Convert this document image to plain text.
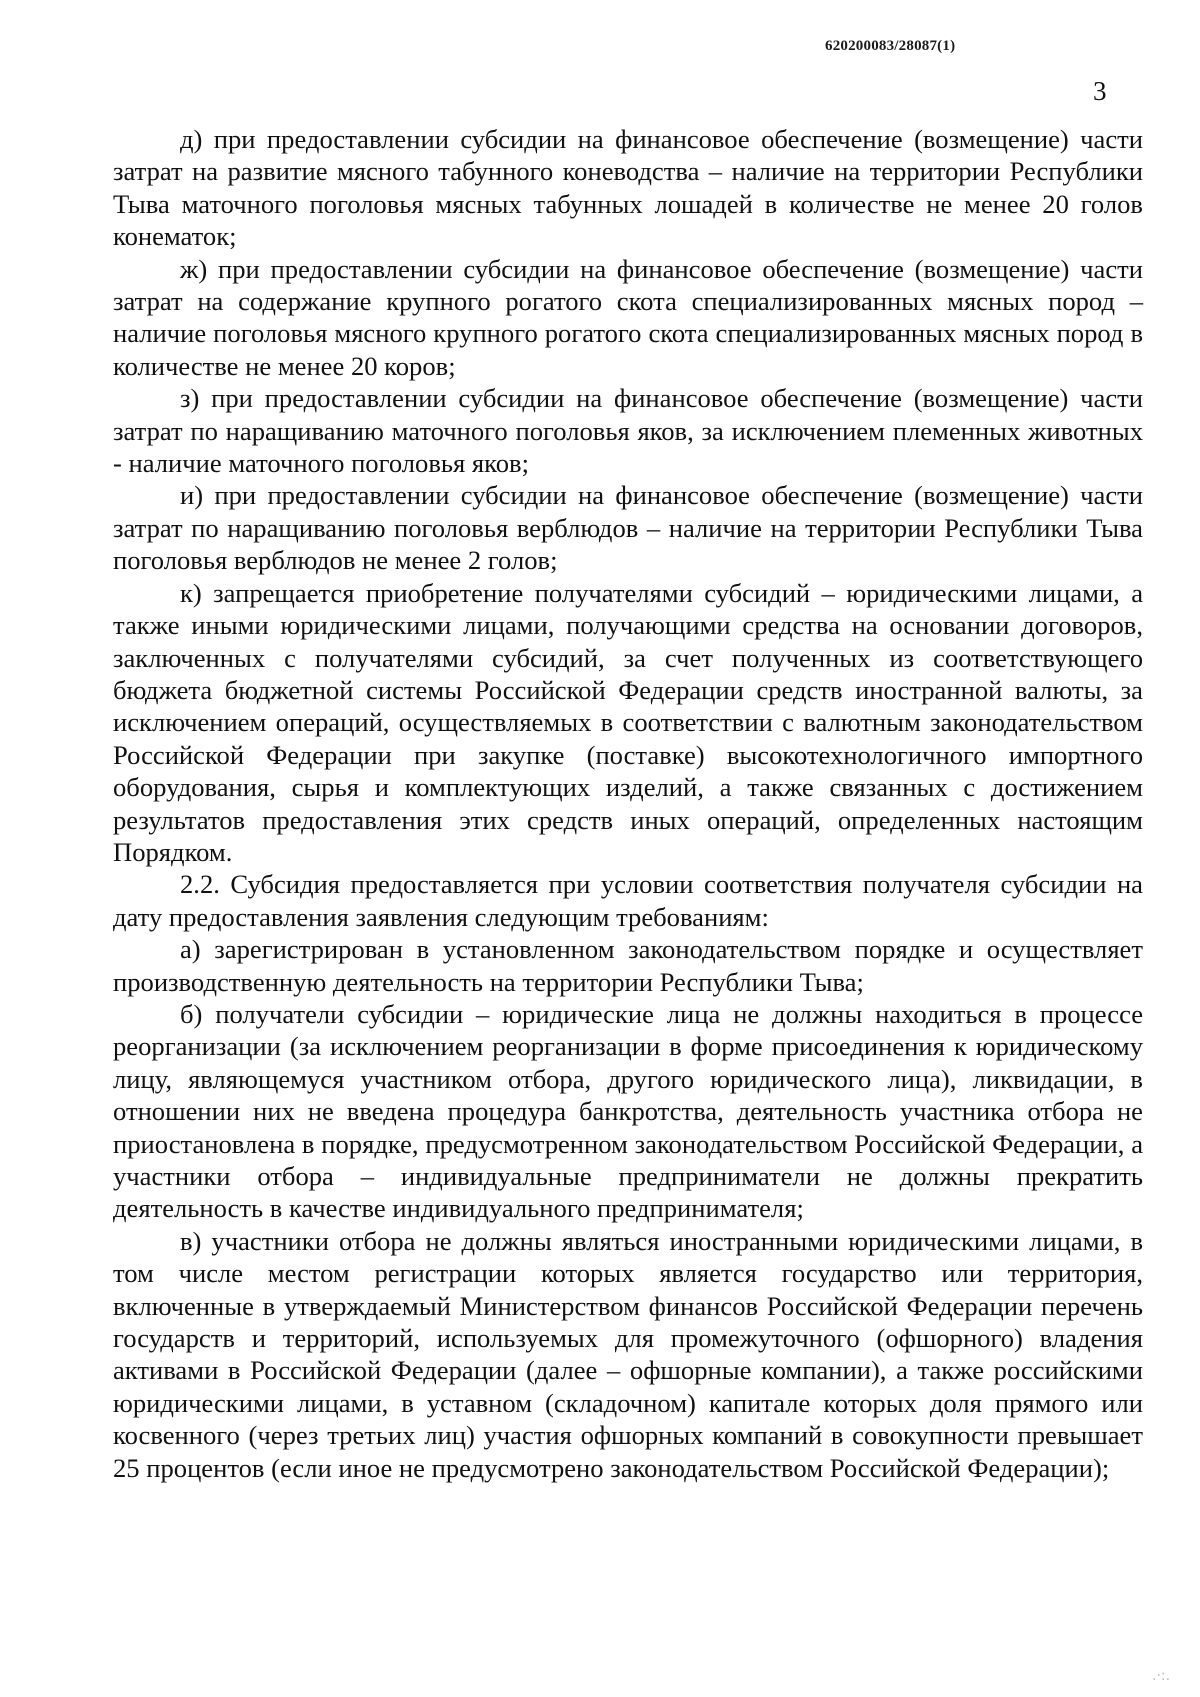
620200083/28087(1)
3

д) при предоставлении субсидии на финансовое обеспечение (возмещение) части затрат на развитие мясного табунного коневодства – наличие на территории Республики Тыва маточного поголовья мясных табунных лошадей в количестве не менее 20 голов конематок;

ж) при предоставлении субсидии на финансовое обеспечение (возмещение) части затрат на содержание крупного рогатого скота специализированных мясных пород – наличие поголовья мясного крупного рогатого скота специализированных мясных пород в количестве не менее 20 коров;

з) при предоставлении субсидии на финансовое обеспечение (возмещение) части затрат по наращиванию маточного поголовья яков, за исключением племенных животных - наличие маточного поголовья яков;

и) при предоставлении субсидии на финансовое обеспечение (возмещение) части затрат по наращиванию поголовья верблюдов – наличие на территории Республики Тыва поголовья верблюдов не менее 2 голов;

к) запрещается приобретение получателями субсидий – юридическими лицами, а также иными юридическими лицами, получающими средства на основании договоров, заключенных с получателями субсидий, за счет полученных из соответствующего бюджета бюджетной системы Российской Федерации средств иностранной валюты, за исключением операций, осуществляемых в соответствии с валютным законодательством Российской Федерации при закупке (поставке) высокотехнологичного импортного оборудования, сырья и комплектующих изделий, а также связанных с достижением результатов предоставления этих средств иных операций, определенных настоящим Порядком.

2.2. Субсидия предоставляется при условии соответствия получателя субсидии на дату предоставления заявления следующим требованиям:

а) зарегистрирован в установленном законодательством порядке и осуществляет производственную деятельность на территории Республики Тыва;

б) получатели субсидии – юридические лица не должны находиться в процессе реорганизации (за исключением реорганизации в форме присоединения к юридическому лицу, являющемуся участником отбора, другого юридического лица), ликвидации, в отношении них не введена процедура банкротства, деятельность участника отбора не приостановлена в порядке, предусмотренном законодательством Российской Федерации, а участники отбора – индивидуальные предприниматели не должны прекратить деятельность в качестве индивидуального предпринимателя;

в) участники отбора не должны являться иностранными юридическими лицами, в том числе местом регистрации которых является государство или территория, включенные в утверждаемый Министерством финансов Российской Федерации перечень государств и территорий, используемых для промежуточного (офшорного) владения активами в Российской Федерации (далее – офшорные компании), а также российскими юридическими лицами, в уставном (складочном) капитале которых доля прямого или косвенного (через третьих лиц) участия офшорных компаний в совокупности превышает 25 процентов (если иное не предусмотрено законодательством Российской Федерации);

.·:.
